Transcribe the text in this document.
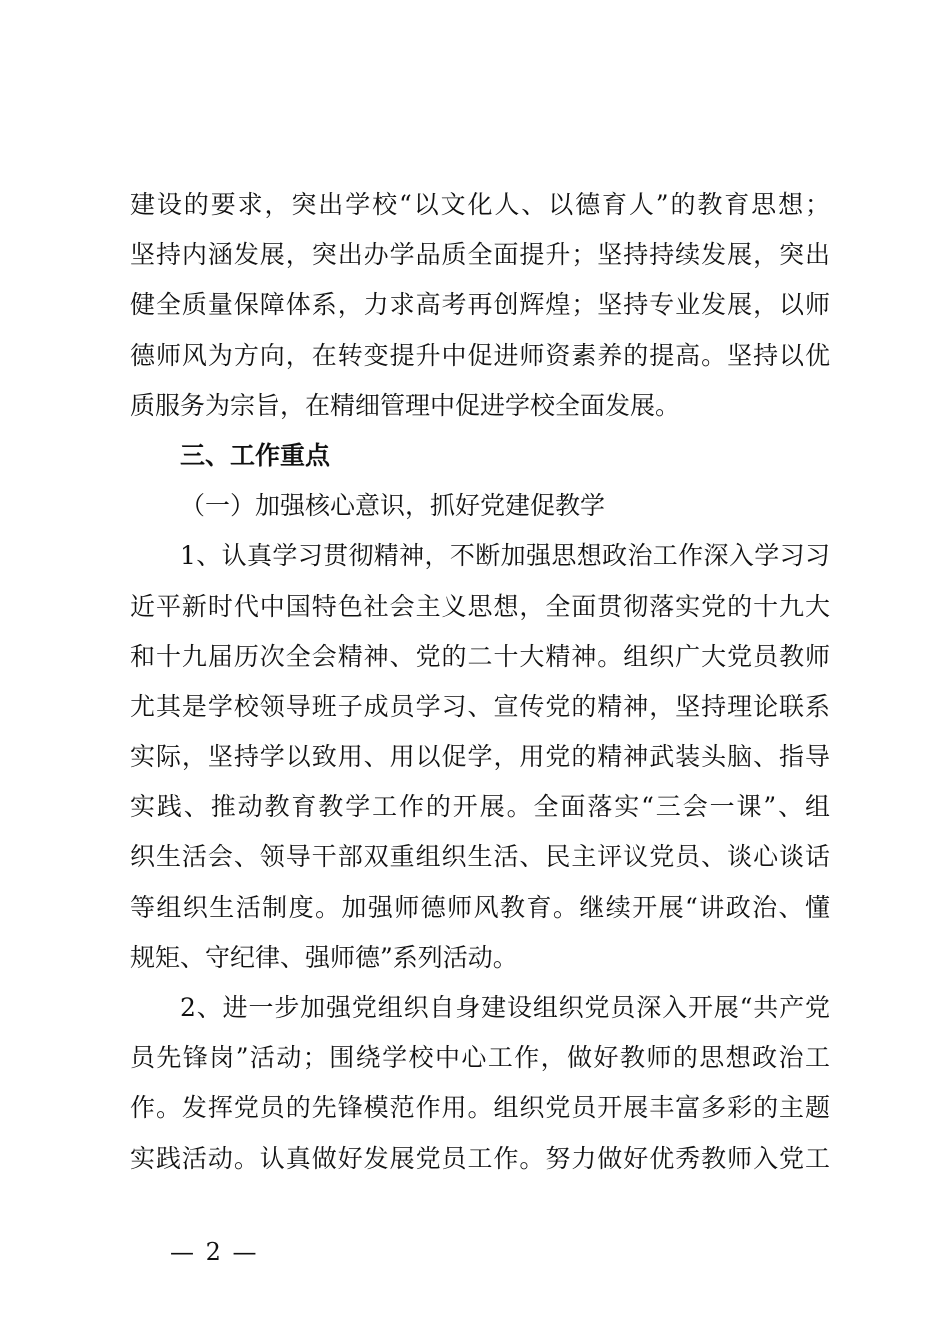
建设的要求，突出学校“以文化人、以德育人”的教育思想；
坚持内涵发展，突出办学品质全面提升；坚持持续发展，突出
健全质量保障体系，力求高考再创辉煌；坚持专业发展，以师
德师风为方向，在转变提升中促进师资素养的提高。坚持以优
质服务为宗旨，在精细管理中促进学校全面发展。
三、工作重点
（一）加强核心意识，抓好党建促教学
1、认真学习贯彻精神，不断加强思想政治工作深入学习习
近平新时代中国特色社会主义思想，全面贯彻落实党的十九大
和十九届历次全会精神、党的二十大精神。组织广大党员教师
尤其是学校领导班子成员学习、宣传党的精神，坚持理论联系
实际，坚持学以致用、用以促学，用党的精神武装头脑、指导
实践、推动教育教学工作的开展。全面落实“三会一课”、组
织生活会、领导干部双重组织生活、民主评议党员、谈心谈话
等组织生活制度。加强师德师风教育。继续开展“讲政治、懂
规矩、守纪律、强师德”系列活动。
2、进一步加强党组织自身建设组织党员深入开展“共产党
员先锋岗”活动；围绕学校中心工作，做好教师的思想政治工
作。发挥党员的先锋模范作用。组织党员开展丰富多彩的主题
实践活动。认真做好发展党员工作。努力做好优秀教师入党工
— 2 —
